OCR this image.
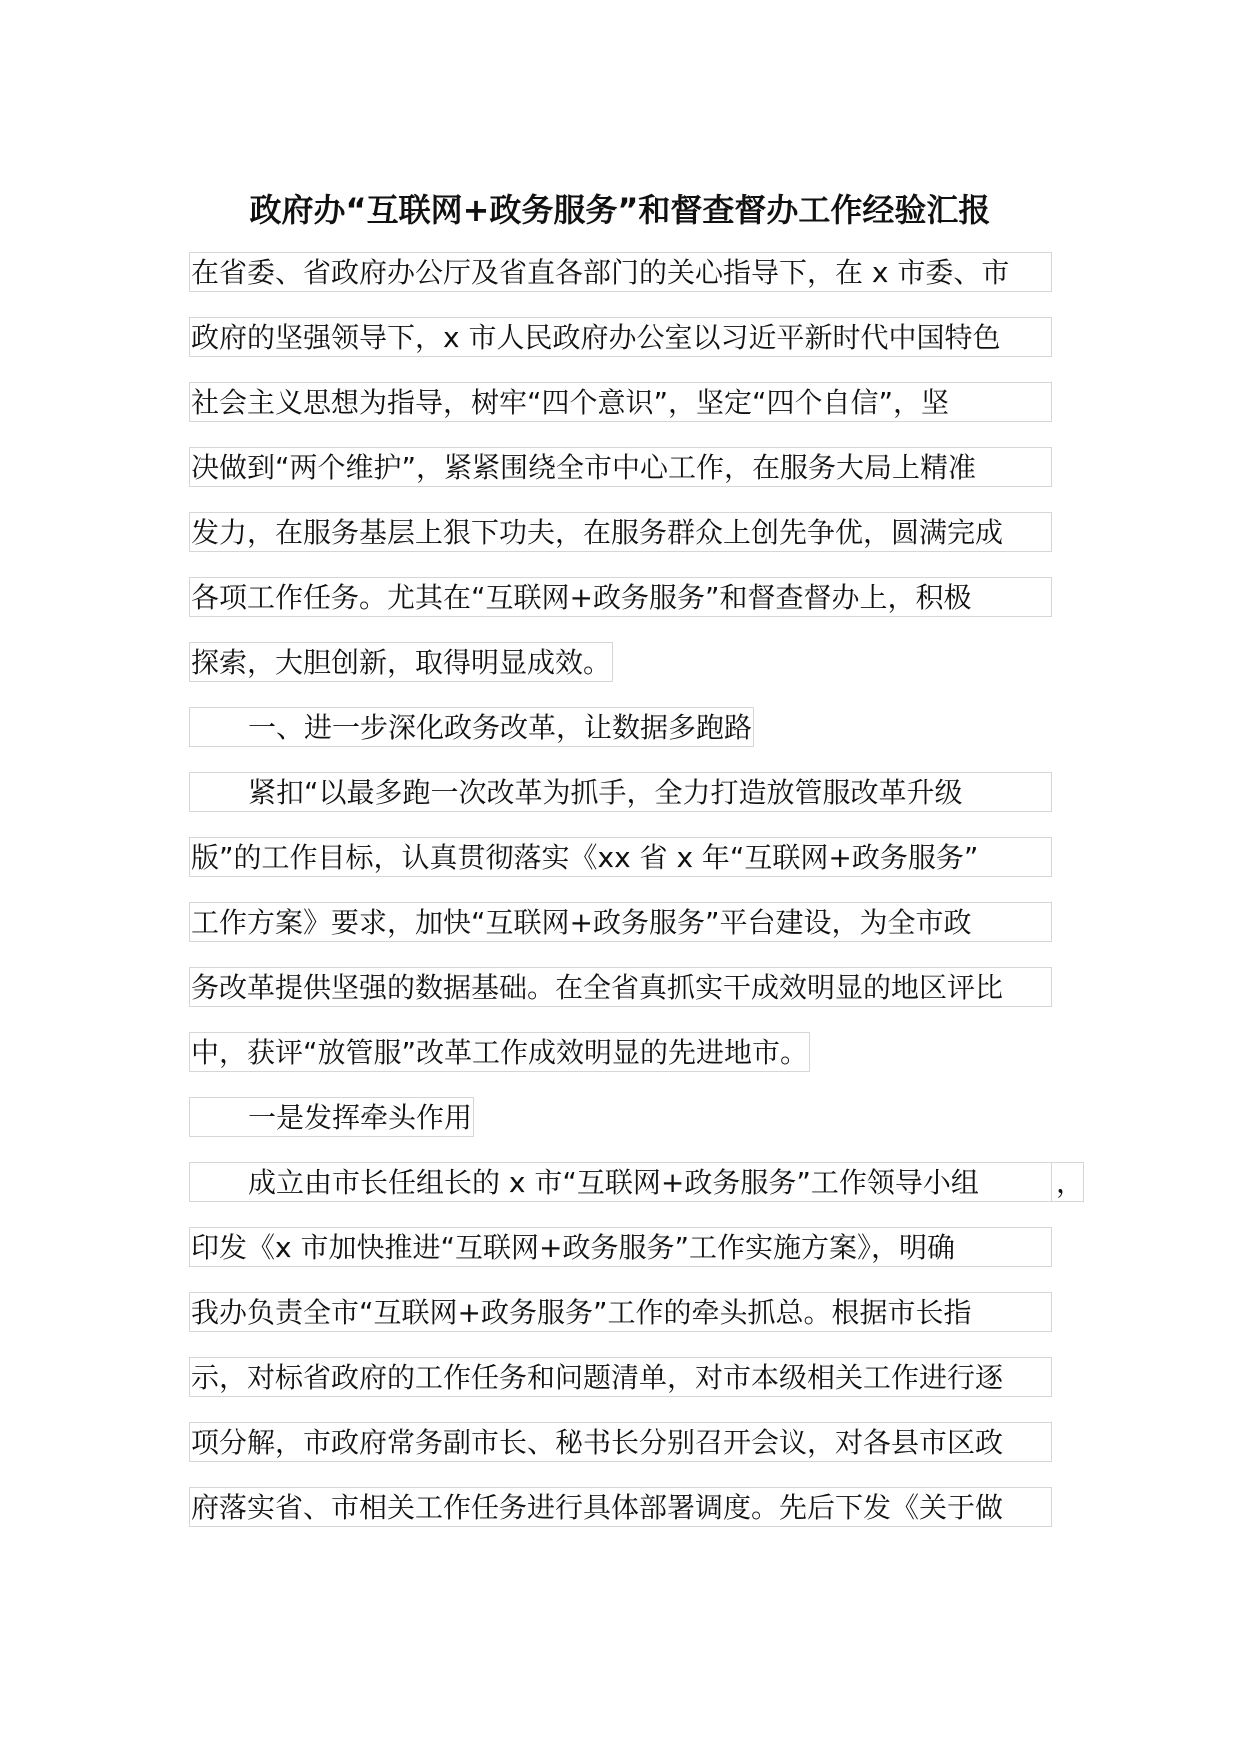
政府办“互联网+政务服务”和督查督办工作经验汇报
在省委、省政府办公厅及省直各部门的关心指导下，在 x 市委、市
政府的坚强领导下，x 市人民政府办公室以习近平新时代中国特色
社会主义思想为指导，树牢“四个意识”，坚定“四个自信”，坚
决做到“两个维护”，紧紧围绕全市中心工作，在服务大局上精准
发力，在服务基层上狠下功夫，在服务群众上创先争优，圆满完成
各项工作任务。尤其在“互联网+政务服务”和督查督办上，积极
探索，大胆创新，取得明显成效。
一、进一步深化政务改革，让数据多跑路
紧扣“以最多跑一次改革为抓手，全力打造放管服改革升级
版”的工作目标，认真贯彻落实《xx 省 x 年“互联网+政务服务”
工作方案》要求，加快“互联网+政务服务”平台建设，为全市政
务改革提供坚强的数据基础。在全省真抓实干成效明显的地区评比
中，获评“放管服”改革工作成效明显的先进地市。
一是发挥牵头作用
成立由市长任组长的 x 市“互联网+政务服务”工作领导小组	，
印发《x 市加快推进“互联网+政务服务”工作实施方案》，明确
我办负责全市“互联网+政务服务”工作的牵头抓总。根据市长指
示，对标省政府的工作任务和问题清单，对市本级相关工作进行逐
项分解，市政府常务副市长、秘书长分别召开会议，对各县市区政
府落实省、市相关工作任务进行具体部署调度。先后下发《关于做
